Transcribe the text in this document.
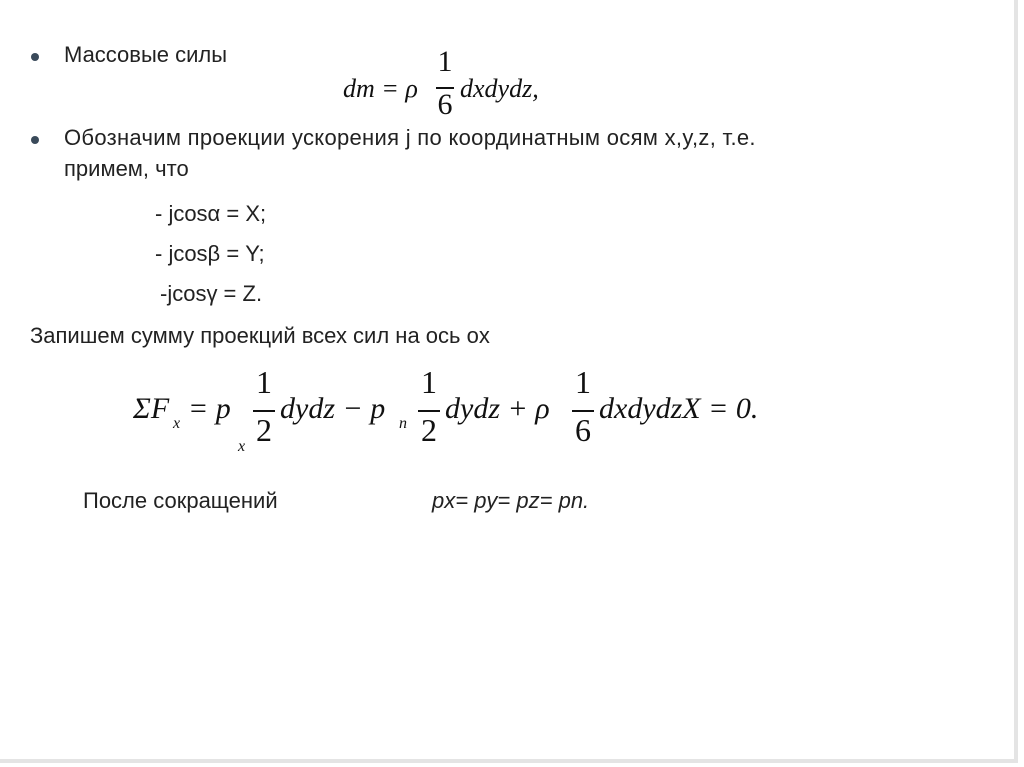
Массовые силы
dm = ρ
1
6 dxdydz,
Обозначим проекции ускорения j по координатным осям x,y,z, т.е.
примем, что
- jcosα = X;
- jcosβ = Y;
-jcosγ = Z.
Запишем сумму проекций всех сил на ось ox
ΣF x = p
x
1
2
dydz − p n
1
2
dydz + ρ
1
6
dxdydzX = 0.
После сокращений	px= py= pz= pn.
